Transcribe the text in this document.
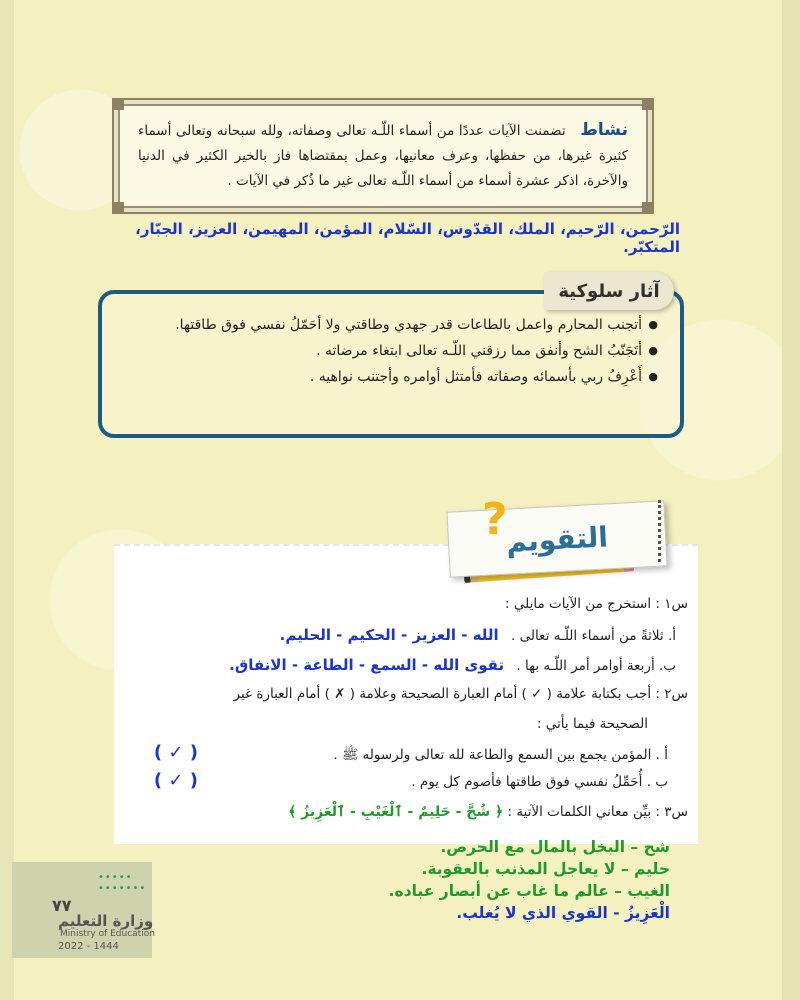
نشاط تضمنت الآيات عددًا من أسماء اللّـه تعالى وصفاته، ولله سبحانه وتعالى أسماء كثيرة غيرها، من حفظها، وعرف معانيها، وعمل بمقتضاها فاز بالخير الكثير في الدنيا والآخرة، اذكر عشرة أسماء من أسماء اللّـه تعالى غير ما ذُكر في الآيات .
الرّحمن، الرّحيم، الملك، القدّوس، السّلام، المؤمن، المهيمن، العزيز، الجبّار، المتكبّر.
● أتجنب المحارم واعمل بالطاعات قدر جهدي وطاقتي ولا أحَمّلُ نفسي فوق طاقتها.
● أتَجَنّبُ الشح وأنفق مما رزقني اللّـه تعالى ابتغاء مرضاته .
● أَعْرِفُ ربي بأسمائه وصفاته فأمتثل أوامره وأجتنب نواهيه .
آثار سلوكية
التقويم
?
س١ : استخرج من الآيات مايلي :
أ. ثلاثةً من أسماء اللّـه تعالى . الله - العزيز - الحكيم - الحليم.
ب. أربعة أوامر أمر اللّـه بها . تقوى الله - السمع - الطاعة - الانفاق.
س٢ : أجب بكتابة علامة ( ✓ ) أمام العبارة الصحيحة وعلامة ( ✗ ) أمام العبارة غير
الصحيحة فيما يأتي :
أ . المؤمن يجمع بين السمع والطاعة لله تعالى ولرسوله ﷺ .
( ✓ )
ب . أُحَمِّلُ نفسي فوق طاقتها فأصوم كل يوم .
( ✓ )
س٣ : بيِّن معاني الكلمات الآتية : ﴿ شُحَّ - حَلِيمٌ - ٱلْغَيْبِ - ٱلْعَزِيزُ ﴾
شح – البخل بالمال مع الحرص.
حليم – لا يعاجل المذنب بالعقوبة.
الغيب – عالم ما غاب عن أبصار عباده.
الْعَزِيزُ - القوي الذي لا يُغلب.
•••••
•••••••
٧٧
وزارة التعليم
Ministry of Education
2022 - 1444
